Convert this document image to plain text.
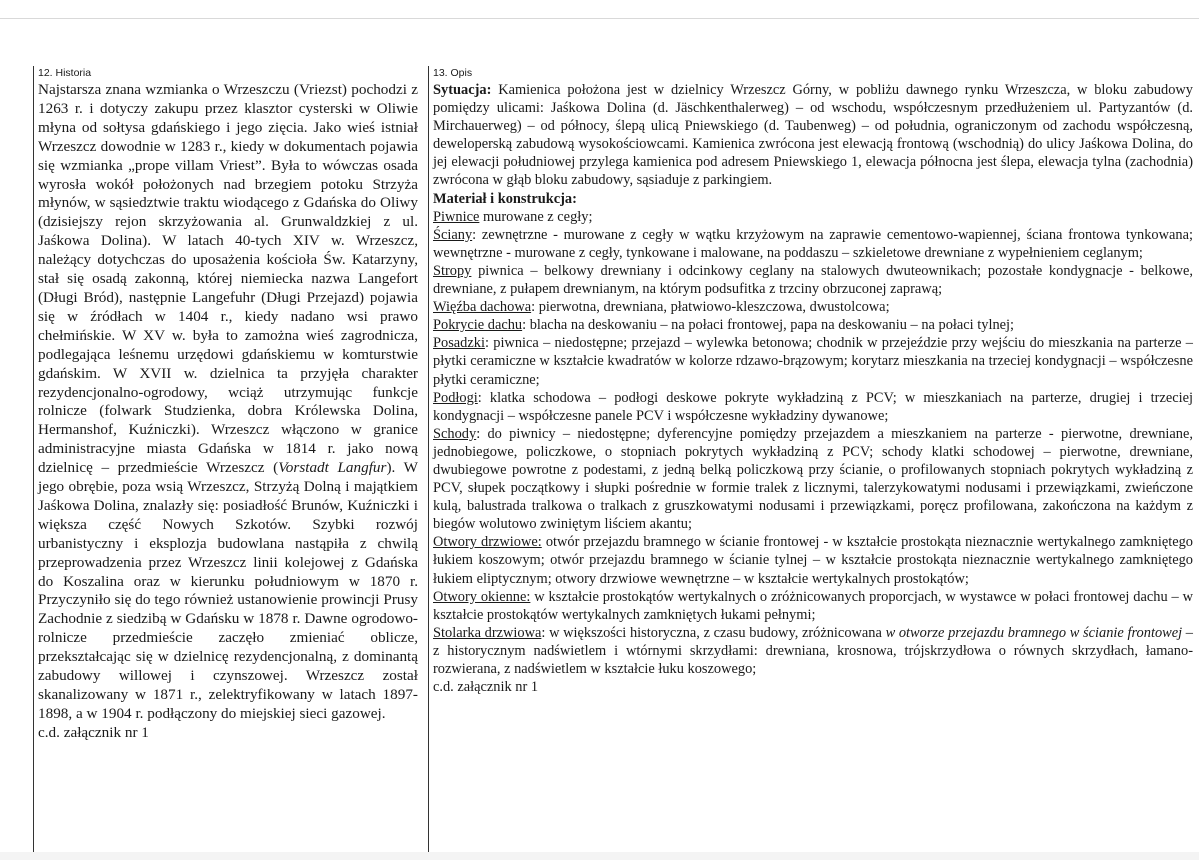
12. Historia

Najstarsza znana wzmianka o Wrzeszczu (Vriezst) pochodzi z 1263 r. i dotyczy zakupu przez klasztor cysterski w Oliwie młyna od sołtysa gdańskiego i jego zięcia. Jako wieś istniał Wrzeszcz dowodnie w 1283 r., kiedy w dokumentach pojawia się wzmianka „prope villam Vriest”. Była to wówczas osada wyrosła wokół położonych nad brzegiem potoku Strzyża młynów, w sąsiedztwie traktu wiodącego z Gdańska do Oliwy (dzisiejszy rejon skrzyżowania al. Grunwaldzkiej z ul. Jaśkowa Dolina). W latach 40-tych XIV w. Wrzeszcz, należący dotychczas do uposażenia kościoła Św. Katarzyny, stał się osadą zakonną, której niemiecka nazwa Langefort (Długi Bród), następnie Langefuhr (Długi Przejazd) pojawia się w źródłach w 1404 r., kiedy nadano wsi prawo chełmińskie. W XV w. była to zamożna wieś zagrodnicza, podlegająca leśnemu urzędowi gdańskiemu w komturstwie gdańskim. W XVII w. dzielnica ta przyjęła charakter rezydencjonalno-ogrodowy, wciąż utrzymując funkcje rolnicze (folwark Studzienka, dobra Królewska Dolina, Hermanshof, Kuźniczki). Wrzeszcz włączono w granice administracyjne miasta Gdańska w 1814 r. jako nową dzielnicę – przedmieście Wrzeszcz (Vorstadt Langfur). W jego obrębie, poza wsią Wrzeszcz, Strzyżą Dolną i majątkiem Jaśkowa Dolina, znalazły się: posiadłość Brunów, Kuźniczki i większa część Nowych Szkotów. Szybki rozwój urbanistyczny i eksplozja budowlana nastąpiła z chwilą przeprowadzenia przez Wrzeszcz linii kolejowej z Gdańska do Koszalina oraz w kierunku południowym w 1870 r. Przyczyniło się do tego również ustanowienie prowincji Prusy Zachodnie z siedzibą w Gdańsku w 1878 r. Dawne ogrodowo-rolnicze przedmieście zaczęło zmieniać oblicze, przekształcając się w dzielnicę rezydencjonalną, z dominantą zabudowy willowej i czynszowej. Wrzeszcz został skanalizowany w 1871 r., zelektryfikowany w latach 1897-1898, a w 1904 r. podłączony do miejskiej sieci gazowej.
c.d. załącznik nr 1

13. Opis
Sytuacja: Kamienica położona jest w dzielnicy Wrzeszcz Górny, w pobliżu dawnego rynku Wrzeszcza, w bloku zabudowy pomiędzy ulicami: Jaśkowa Dolina (d. Jäschkenthalerweg) – od wschodu, współczesnym przedłużeniem ul. Partyzantów (d. Mirchauerweg) – od północy, ślepą ulicą Pniewskiego (d. Taubenweg) – od południa, ograniczonym od zachodu współczesną, deweloperską zabudową wysokościowcami. Kamienica zwrócona jest elewacją frontową (wschodnią) do ulicy Jaśkowa Dolina, do jej elewacji południowej przylega kamienica pod adresem Pniewskiego 1, elewacja północna jest ślepa, elewacja tylna (zachodnia) zwrócona w głąb bloku zabudowy, sąsiaduje z parkingiem.
Materiał i konstrukcja:
Piwnice murowane z cegły;
Ściany: zewnętrzne - murowane z cegły w wątku krzyżowym na zaprawie cementowo-wapiennej, ściana frontowa tynkowana; wewnętrzne - murowane z cegły, tynkowane i malowane, na poddaszu – szkieletowe drewniane z wypełnieniem ceglanym;
Stropy piwnica – belkowy drewniany i odcinkowy ceglany na stalowych dwuteownikach; pozostałe kondygnacje - belkowe, drewniane, z pułapem drewnianym, na którym podsufitka z trzciny obrzuconej zaprawą;
Więźba dachowa: pierwotna, drewniana, płatwiowo-kleszczowa, dwustolcowa;
Pokrycie dachu: blacha na deskowaniu – na połaci frontowej, papa na deskowaniu – na połaci tylnej;
Posadzki: piwnica – niedostępne; przejazd – wylewka betonowa; chodnik w przejeździe przy wejściu do mieszkania na parterze – płytki ceramiczne w kształcie kwadratów w kolorze rdzawo-brązowym; korytarz mieszkania na trzeciej kondygnacji – współczesne płytki ceramiczne;
Podłogi: klatka schodowa – podłogi deskowe pokryte wykładziną z PCV; w mieszkaniach na parterze, drugiej i trzeciej kondygnacji – współczesne panele PCV i współczesne wykładziny dywanowe;
Schody: do piwnicy – niedostępne; dyferencyjne pomiędzy przejazdem a mieszkaniem na parterze - pierwotne, drewniane, jednobiegowe, policzkowe, o stopniach pokrytych wykładziną z PCV; schody klatki schodowej – pierwotne, drewniane, dwubiegowe powrotne z podestami, z jedną belką policzkową przy ścianie, o profilowanych stopniach pokrytych wykładziną z PCV, słupek początkowy i słupki pośrednie w formie tralek z licznymi, talerzykowatymi nodusami i przewiązkami, zwieńczone kulą, balustrada tralkowa o tralkach z gruszkowatymi nodusami i przewiązkami, poręcz profilowana, zakończona na każdym z biegów wolutowo zwiniętym liściem akantu;
Otwory drzwiowe: otwór przejazdu bramnego w ścianie frontowej - w kształcie prostokąta nieznacznie wertykalnego zamkniętego łukiem koszowym; otwór przejazdu bramnego w ścianie tylnej – w kształcie prostokąta nieznacznie wertykalnego zamkniętego łukiem eliptycznym; otwory drzwiowe wewnętrzne – w kształcie wertykalnych prostokątów;
Otwory okienne: w kształcie prostokątów wertykalnych o zróżnicowanych proporcjach, w wystawce w połaci frontowej dachu – w kształcie prostokątów wertykalnych zamkniętych łukami pełnymi;
Stolarka drzwiowa: w większości historyczna, z czasu budowy, zróżnicowana w otworze przejazdu bramnego w ścianie frontowej – z historycznym nadświetlem i wtórnymi skrzydłami: drewniana, krosnowa, trójskrzydłowa o równych skrzydłach, łamano-rozwierana, z nadświetlem w kształcie łuku koszowego;
c.d. załącznik nr 1
